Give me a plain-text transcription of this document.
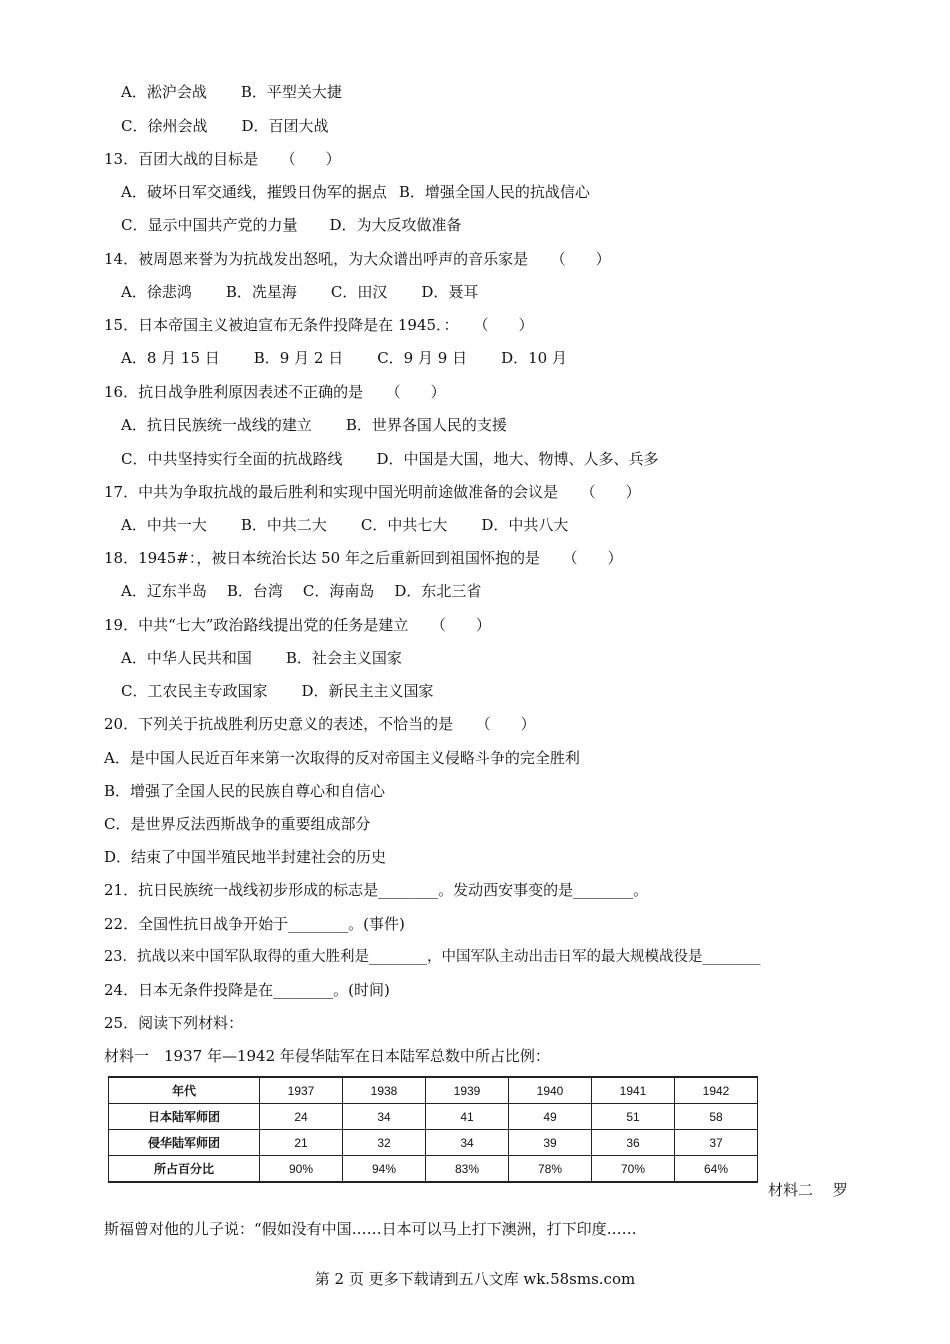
A．淞沪会战 B．平型关大捷
C．徐州会战 D．百团大战
13．百团大战的目标是　　（　　）
A．破坏日军交通线，摧毁日伪军的据点 B．增强全国人民的抗战信心
C．显示中国共产党的力量 D．为大反攻做准备
14．被周恩来誉为为抗战发出怒吼，为大众谱出呼声的音乐家是　　（　　）
A．徐悲鸿 B．冼星海 C．田汉 D．聂耳
15．日本帝国主义被迫宣布无条件投降是在 1945．：　　（　　）
A．8 月 15 日 B．9 月 2 日 C．9 月 9 日 D．10 月
16．抗日战争胜利原因表述不正确的是　　（　　）
A．抗日民族统一战线的建立 B．世界各国人民的支援
C．中共坚持实行全面的抗战路线 D．中国是大国，地大、物博、人多、兵多
17．中共为争取抗战的最后胜利和实现中国光明前途做准备的会议是　　（　　）
A．中共一大 B．中共二大 C．中共七大 D．中共八大
18．1945#：，被日本统治长达 50 年之后重新回到祖国怀抱的是　　（　　）
A．辽东半岛 B．台湾 C．海南岛 D．东北三省
19．中共“七大”政治路线提出党的任务是建立　　（　　）
A．中华人民共和国 B．社会主义国家
C．工农民主专政国家 D．新民主主义国家
20．下列关于抗战胜利历史意义的表述，不恰当的是　　（　　）
A．是中国人民近百年来第一次取得的反对帝国主义侵略斗争的完全胜利
B．增强了全国人民的民族自尊心和自信心
C．是世界反法西斯战争的重要组成部分
D．结束了中国半殖民地半封建社会的历史
21．抗日民族统一战线初步形成的标志是________。发动西安事变的是________。
22．全国性抗日战争开始于________。(事件)
23．抗战以来中国军队取得的重大胜利是________，中国军队主动出击日军的最大规模战役是________
24．日本无条件投降是在________。(时间)
25．阅读下列材料：
材料一　1937 年—1942 年侵华陆军在日本陆军总数中所占比例：
年代	1937	1938	1939	1940	1941	1942
日本陆军师团	24	34	41	49	51	58
侵华陆军师团	21	32	34	39	36	37
所占百分比	90%	94%	83%	78%	70%	64%
材料二　 罗
斯福曾对他的儿子说：“假如没有中国……日本可以马上打下澳洲，打下印度……
第 2 页 更多下载请到五八文库 wk.58sms.com
